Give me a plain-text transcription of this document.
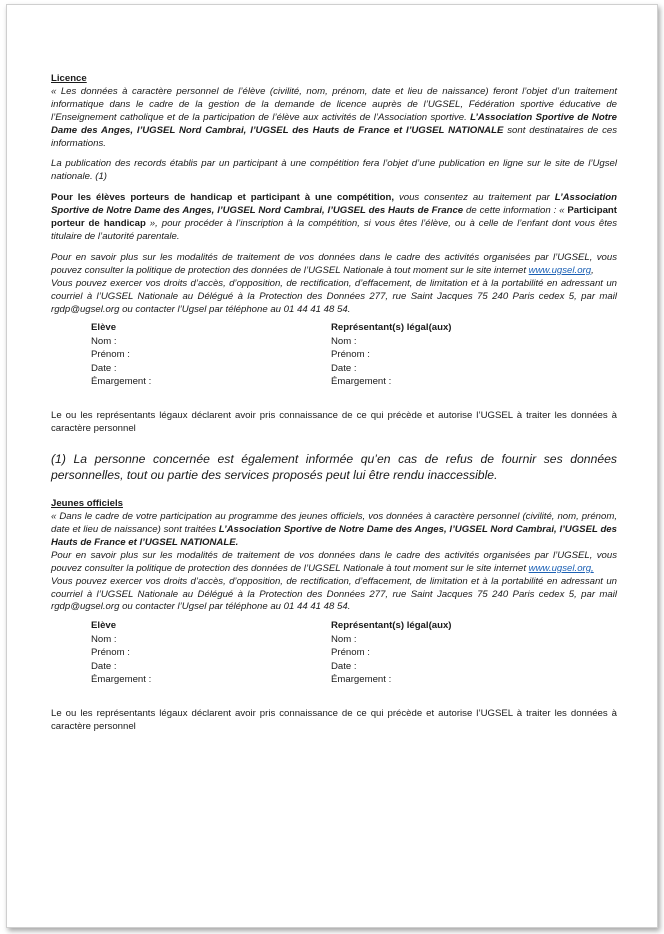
Licence

« Les données à caractère personnel de l’élève (civilité, nom, prénom, date et lieu de naissance) feront l’objet d’un traitement informatique dans le cadre de la gestion de la demande de licence auprès de l’UGSEL, Fédération sportive éducative de l’Enseignement catholique et de la participation de l’élève aux activités de l’Association sportive. L’Association Sportive de Notre Dame des Anges, l’UGSEL Nord Cambrai, l’UGSEL des Hauts de France et l’UGSEL NATIONALE sont destinataires de ces informations.

La publication des records établis par un participant à une compétition fera l’objet d’une publication en ligne sur le site de l’Ugsel nationale. (1)

Pour les élèves porteurs de handicap et participant à une compétition, vous consentez au traitement par L’Association Sportive de Notre Dame des Anges, l’UGSEL Nord Cambrai, l’UGSEL des Hauts de France de cette information : « Participant porteur de handicap », pour procéder à l’inscription à la compétition, si vous êtes l’élève, ou à celle de l’enfant dont vous êtes titulaire de l’autorité parentale.

Pour en savoir plus sur les modalités de traitement de vos données dans le cadre des activités organisées par l’UGSEL, vous pouvez consulter la politique de protection des données de l’UGSEL Nationale à tout moment sur le site internet www.ugsel.org,

Vous pouvez exercer vos droits d’accès, d’opposition, de rectification, d’effacement, de limitation et à la portabilité en adressant un courriel à l’UGSEL Nationale au Délégué à la Protection des Données 277, rue Saint Jacques 75 240 Paris cedex 5, par mail rgdp@ugsel.org ou contacter l’Ugsel par téléphone au 01 44 41 48 54.

Elève
Nom :
Prénom :
Date :
Émargement :
Représentant(s) légal(aux)
Nom :
Prénom :
Date :
Émargement :

Le ou les représentants légaux déclarent avoir pris connaissance de ce qui précède et autorise l’UGSEL à traiter les données à caractère personnel

(1) La personne concernée est également informée qu’en cas de refus de fournir ses données personnelles, tout ou partie des services proposés peut lui être rendu inaccessible.

Jeunes officiels

« Dans le cadre de votre participation au programme des jeunes officiels, vos données à caractère personnel (civilité, nom, prénom, date et lieu de naissance) sont traitées L’Association Sportive de Notre Dame des Anges, l’UGSEL Nord Cambrai, l’UGSEL des Hauts de France et l’UGSEL NATIONALE.

Pour en savoir plus sur les modalités de traitement de vos données dans le cadre des activités organisées par l’UGSEL, vous pouvez consulter la politique de protection des données de l’UGSEL Nationale à tout moment sur le site internet www.ugsel.org,

Vous pouvez exercer vos droits d’accès, d’opposition, de rectification, d’effacement, de limitation et à la portabilité en adressant un courriel à l’UGSEL Nationale au Délégué à la Protection des Données 277, rue Saint Jacques 75 240 Paris cedex 5, par mail rgdp@ugsel.org ou contacter l’Ugsel par téléphone au 01 44 41 48 54.

Elève
Nom :
Prénom :
Date :
Émargement :
Représentant(s) légal(aux)
Nom :
Prénom :
Date :
Émargement :

Le ou les représentants légaux déclarent avoir pris connaissance de ce qui précède et autorise l’UGSEL à traiter les données à caractère personnel
